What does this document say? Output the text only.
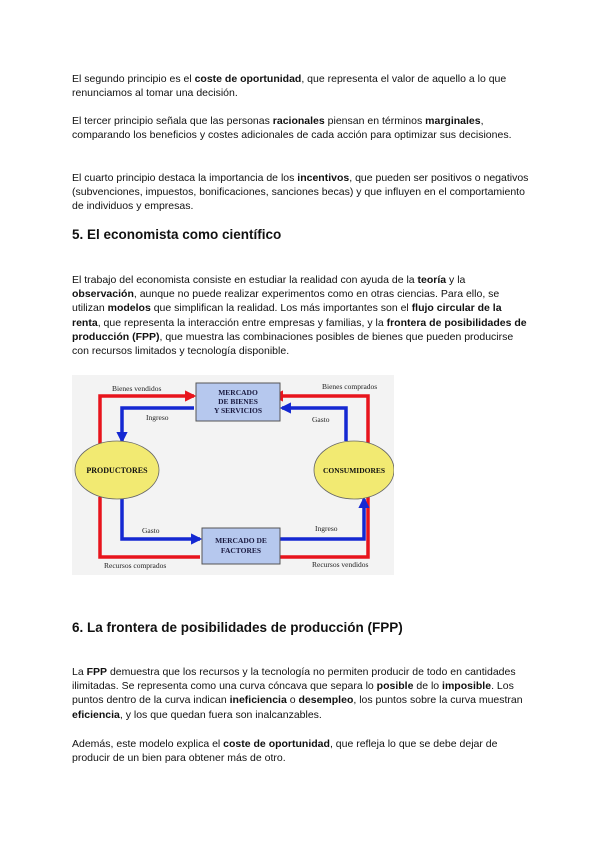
El segundo principio es el coste de oportunidad, que representa el valor de aquello a lo que renunciamos al tomar una decisión.

El tercer principio señala que las personas racionales piensan en términos marginales, comparando los beneficios y costes adicionales de cada acción para optimizar sus decisiones.

El cuarto principio destaca la importancia de los incentivos, que pueden ser positivos o negativos (subvenciones, impuestos, bonificaciones, sanciones becas) y que influyen en el comportamiento de individuos y empresas.

5. El economista como científico

El trabajo del economista consiste en estudiar la realidad con ayuda de la teoría y la observación, aunque no puede realizar experimentos como en otras ciencias. Para ello, se utilizan modelos que simplifican la realidad. Los más importantes son el flujo circular de la renta, que representa la interacción entre empresas y familias, y la frontera de posibilidades de producción (FPP), que muestra las combinaciones posibles de bienes que pueden producirse con recursos limitados y tecnología disponible.

MERCADO
DE BIENES
Y SERVICIOS
MERCADO DE
FACTORES
PRODUCTORES	CONSUMIDORES
Bienes vendidos	Bienes comprados
Ingreso	Gasto
Gasto	Ingreso
Recursos comprados	Recursos vendidos
6. La frontera de posibilidades de producción (FPP)

La FPP demuestra que los recursos y la tecnología no permiten producir de todo en cantidades ilimitadas. Se representa como una curva cóncava que separa lo posible de lo imposible. Los puntos dentro de la curva indican ineficiencia o desempleo, los puntos sobre la curva muestran eficiencia, y los que quedan fuera son inalcanzables.

Además, este modelo explica el coste de oportunidad, que refleja lo que se debe dejar de producir de un bien para obtener más de otro.
